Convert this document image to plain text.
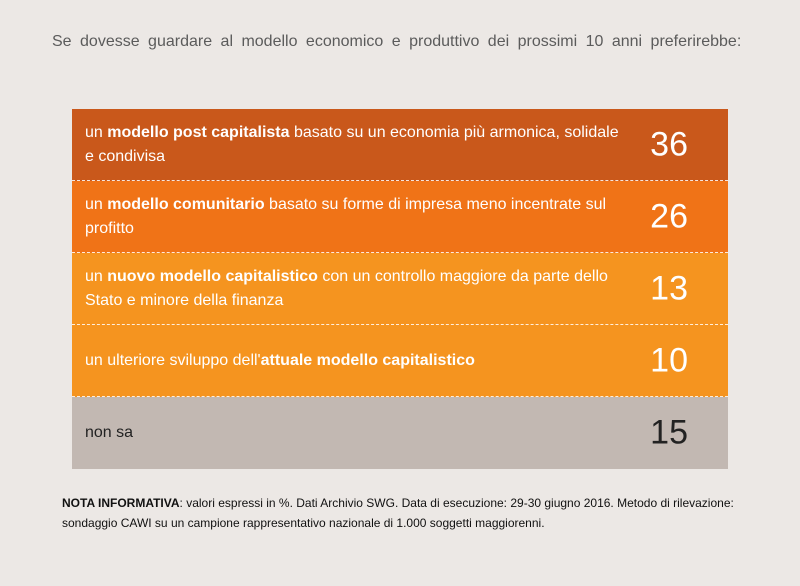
Se dovesse guardare al modello economico e produttivo dei prossimi 10 anni preferirebbe:
un modello post capitalista basato su un economia più armonica, solidale e condivisa	36
un modello comunitario basato su forme di impresa meno incentrate sul profitto	26
un nuovo modello capitalistico con un controllo maggiore da parte dello Stato e minore della finanza	13
un ulteriore sviluppo dell'attuale modello capitalistico	10
non sa	15
NOTA INFORMATIVA: valori espressi in %. Dati Archivio SWG. Data di esecuzione: 29-30 giugno 2016. Metodo di rilevazione: sondaggio CAWI su un campione rappresentativo nazionale di 1.000 soggetti maggiorenni.
